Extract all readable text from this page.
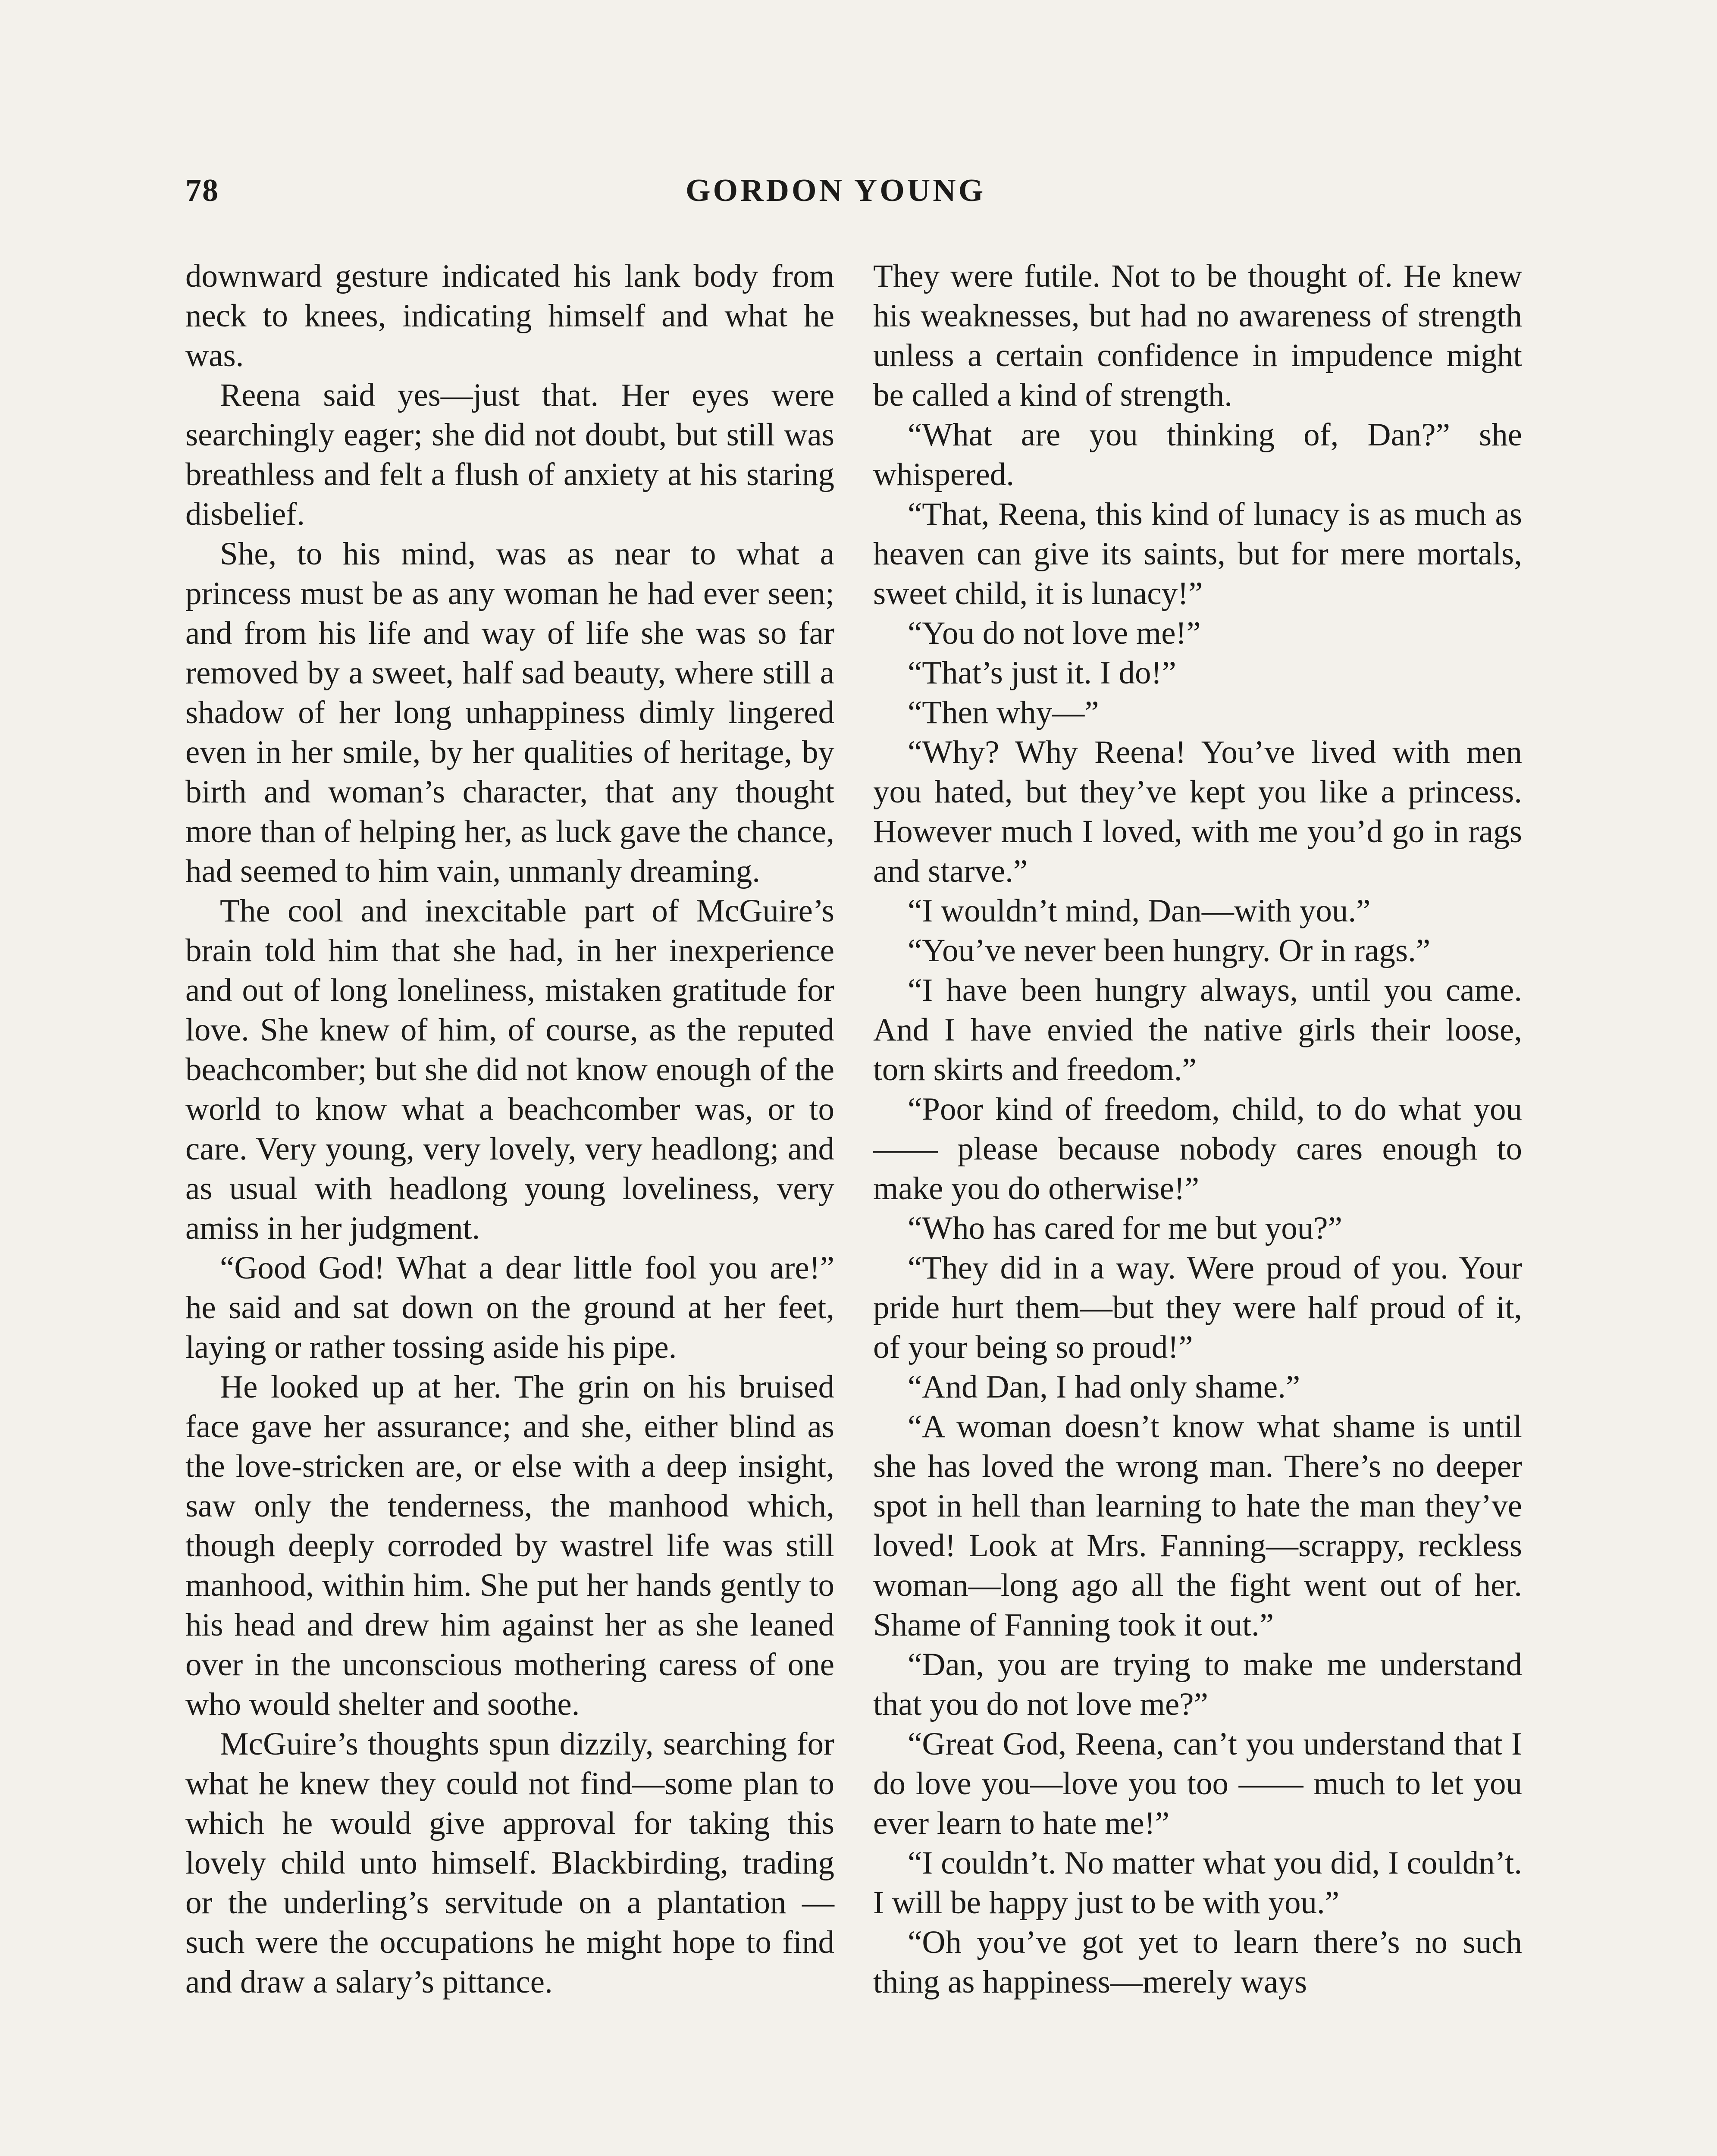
78	GORDON YOUNG

downward gesture indicated his lank body from neck to knees, indicating himself and what he was.

Reena said yes—just that. Her eyes were searchingly eager; she did not doubt, but still was breathless and felt a flush of anxiety at his staring disbelief.

She, to his mind, was as near to what a princess must be as any woman he had ever seen; and from his life and way of life she was so far removed by a sweet, half sad beauty, where still a shadow of her long unhappiness dimly lingered even in her smile, by her qualities of heritage, by birth and woman’s character, that any thought more than of helping her, as luck gave the chance, had seemed to him vain, unmanly dreaming.

The cool and inexcitable part of McGuire’s brain told him that she had, in her inexperience and out of long loneliness, mistaken gratitude for love. She knew of him, of course, as the reputed beachcomber; but she did not know enough of the world to know what a beachcomber was, or to care. Very young, very lovely, very headlong; and as usual with headlong young loveliness, very amiss in her judgment.

“Good God! What a dear little fool you are!” he said and sat down on the ground at her feet, laying or rather tossing aside his pipe.

He looked up at her. The grin on his bruised face gave her assurance; and she, either blind as the love-stricken are, or else with a deep insight, saw only the tenderness, the manhood which, though deeply corroded by wastrel life was still manhood, within him. She put her hands gently to his head and drew him against her as she leaned over in the unconscious mothering caress of one who would shelter and soothe.

McGuire’s thoughts spun dizzily, searching for what he knew they could not find—some plan to which he would give approval for taking this lovely child unto himself. Blackbirding, trading or the underling’s servitude on a plantation —such were the occupations he might hope to find and draw a salary’s pittance.

They were futile. Not to be thought of. He knew his weaknesses, but had no awareness of strength unless a certain confidence in impudence might be called a kind of strength.

“What are you thinking of, Dan?” she whispered.

“That, Reena, this kind of lunacy is as much as heaven can give its saints, but for mere mortals, sweet child, it is lunacy!”

“You do not love me!”

“That’s just it. I do!”

“Then why—”

“Why? Why Reena! You’ve lived with men you hated, but they’ve kept you like a princess. However much I loved, with me you’d go in rags and starve.”

“I wouldn’t mind, Dan—with you.”

“You’ve never been hungry. Or in rags.”

“I have been hungry always, until you came. And I have envied the native girls their loose, torn skirts and freedom.”

“Poor kind of freedom, child, to do what you —— please because nobody cares enough to make you do otherwise!”

“Who has cared for me but you?”

“They did in a way. Were proud of you. Your pride hurt them—but they were half proud of it, of your being so proud!”

“And Dan, I had only shame.”

“A woman doesn’t know what shame is until she has loved the wrong man. There’s no deeper spot in hell than learning to hate the man they’ve loved! Look at Mrs. Fanning—scrappy, reckless woman—long ago all the fight went out of her. Shame of Fanning took it out.”

“Dan, you are trying to make me understand that you do not love me?”

“Great God, Reena, can’t you understand that I do love you—love you too —— much to let you ever learn to hate me!”

“I couldn’t. No matter what you did, I couldn’t. I will be happy just to be with you.”

“Oh you’ve got yet to learn there’s no such thing as happiness—merely ways
